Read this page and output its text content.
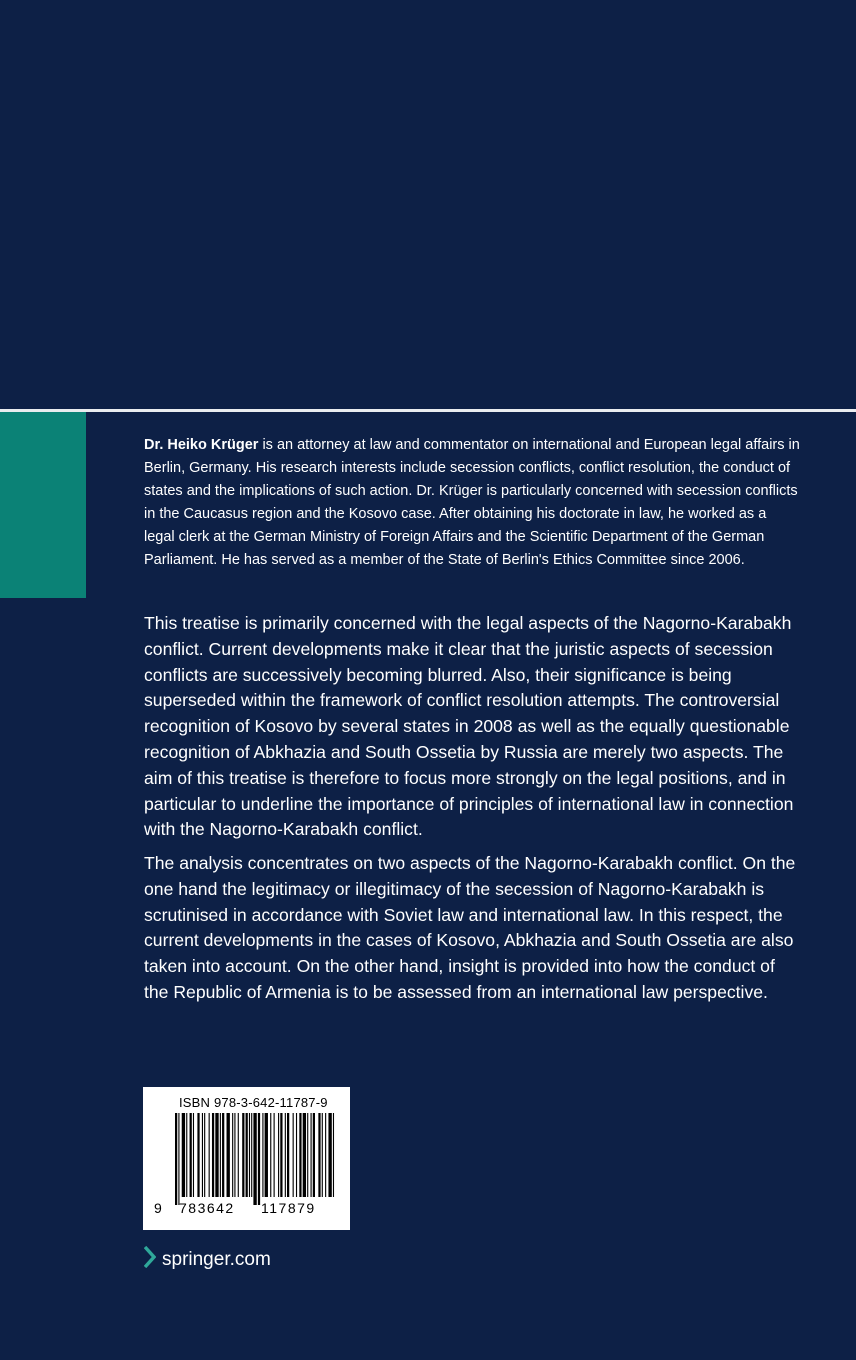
Dr. Heiko Krüger is an attorney at law and commentator on international and European legal affairs in Berlin, Germany. His research interests include secession conflicts, conflict resolution, the conduct of states and the implications of such action. Dr. Krüger is particularly concerned with secession conflicts in the Caucasus region and the Kosovo case. After obtaining his doctorate in law, he worked as a legal clerk at the German Ministry of Foreign Affairs and the Scientific Department of the German Parliament. He has served as a member of the State of Berlin's Ethics Committee since 2006.

This treatise is primarily concerned with the legal aspects of the Nagorno-Karabakh conflict. Current developments make it clear that the juristic aspects of secession conflicts are successively becoming blurred. Also, their significance is being superseded within the framework of conflict resolution attempts. The controversial recognition of Kosovo by several states in 2008 as well as the equally questionable recognition of Abkhazia and South Ossetia by Russia are merely two aspects. The aim of this treatise is therefore to focus more strongly on the legal positions, and in particular to underline the importance of principles of international law in connection with the Nagorno-Karabakh conflict.

The analysis concentrates on two aspects of the Nagorno-Karabakh conflict. On the one hand the legitimacy or illegitimacy of the secession of Nagorno-Karabakh is scrutinised in accordance with Soviet law and international law. In this respect, the current developments in the cases of Kosovo, Abkhazia and South Ossetia are also taken into account. On the other hand, insight is provided into how the conduct of the Republic of Armenia is to be assessed from an international law perspective.

ISBN 978-3-642-11787-9
9 783642 117879
springer.com
